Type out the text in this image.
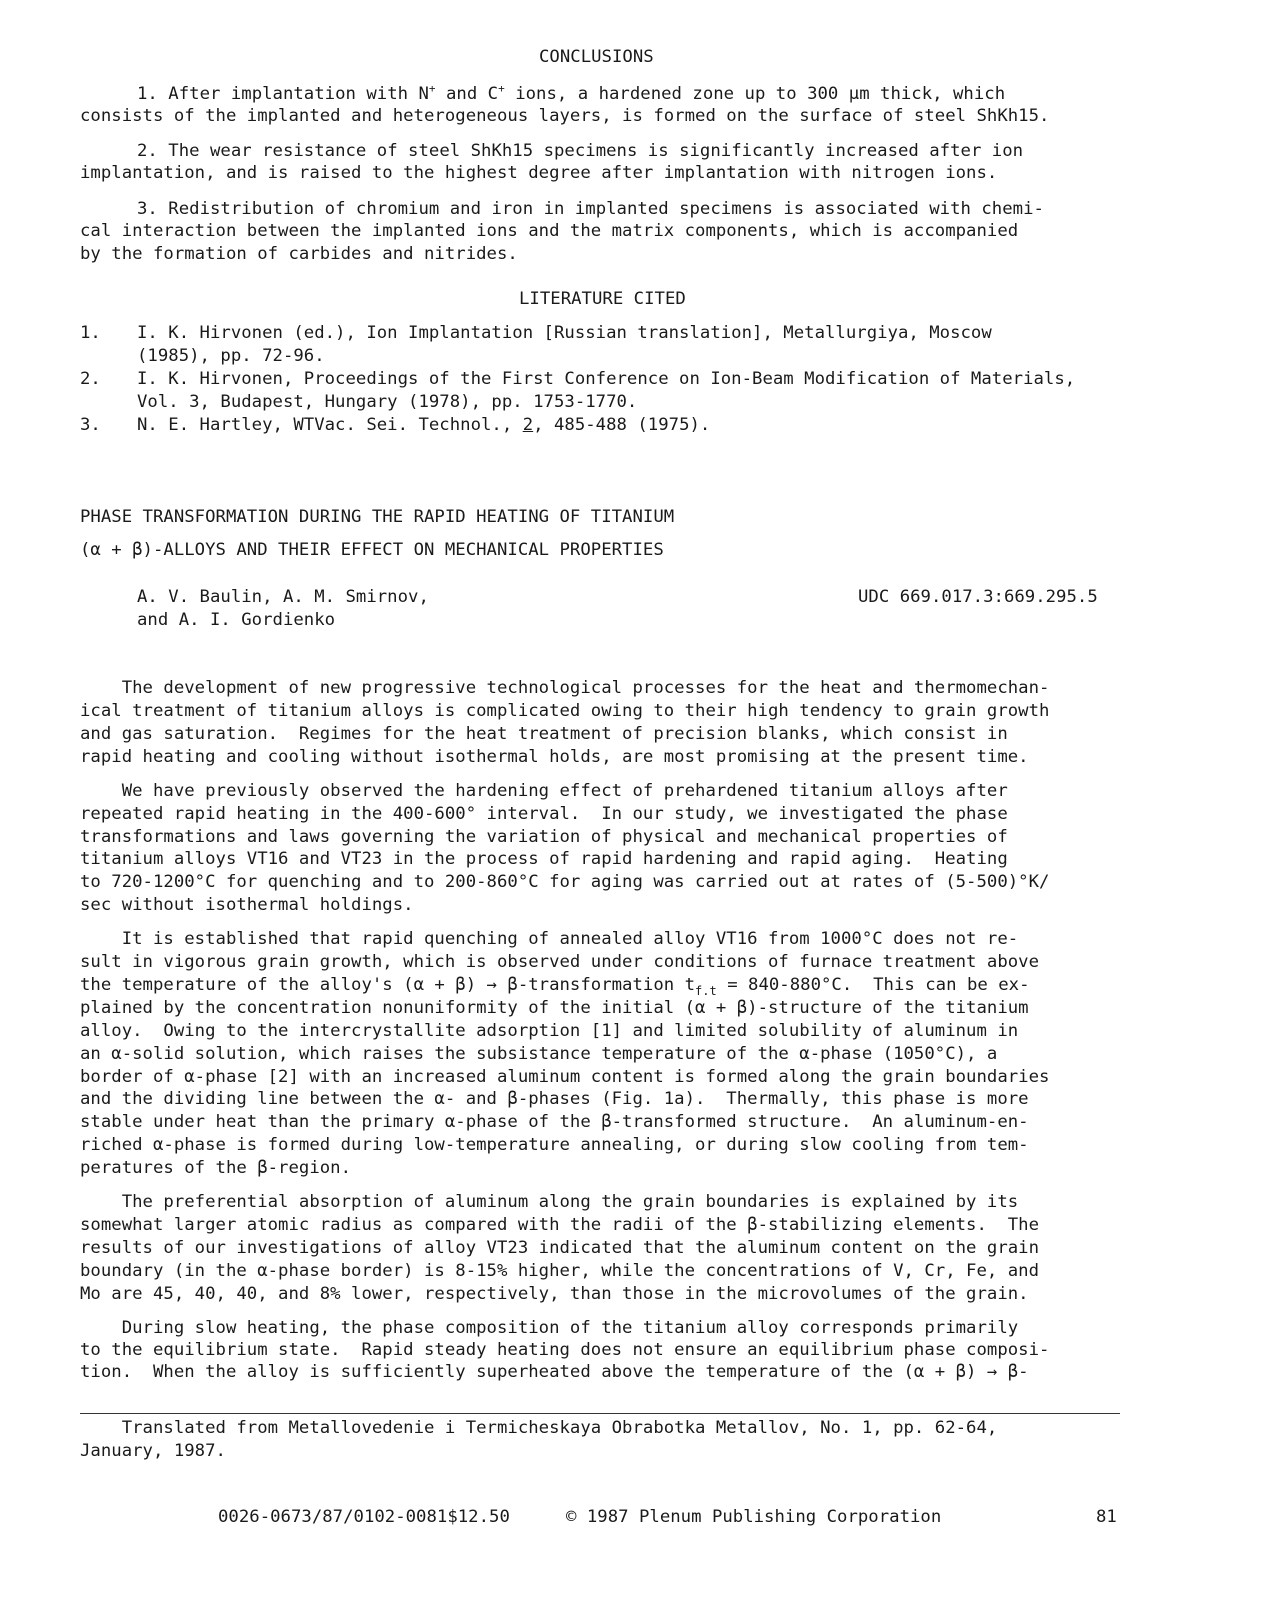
CONCLUSIONS
1. After implantation with N+ and C+ ions, a hardened zone up to 300 µm thick, which
consists of the implanted and heterogeneous layers, is formed on the surface of steel ShKh15.
2. The wear resistance of steel ShKh15 specimens is significantly increased after ion
implantation, and is raised to the highest degree after implantation with nitrogen ions.
3. Redistribution of chromium and iron in implanted specimens is associated with chemi-
cal interaction between the implanted ions and the matrix components, which is accompanied
by the formation of carbides and nitrides.
LITERATURE CITED
1. I. K. Hirvonen (ed.), Ion Implantation [Russian translation], Metallurgiya, Moscow
(1985), pp. 72-96.
2. I. K. Hirvonen, Proceedings of the First Conference on Ion-Beam Modification of Materials,
Vol. 3, Budapest, Hungary (1978), pp. 1753-1770.
3. N. E. Hartley, WTVac. Sei. Technol., 2, 485-488 (1975).
PHASE TRANSFORMATION DURING THE RAPID HEATING OF TITANIUM
(α + β)-ALLOYS AND THEIR EFFECT ON MECHANICAL PROPERTIES
A. V. Baulin, A. M. Smirnov,
and A. I. Gordienko
UDC 669.017.3:669.295.5
The development of new progressive technological processes for the heat and thermomechan-
ical treatment of titanium alloys is complicated owing to their high tendency to grain growth
and gas saturation.  Regimes for the heat treatment of precision blanks, which consist in
rapid heating and cooling without isothermal holds, are most promising at the present time.
We have previously observed the hardening effect of prehardened titanium alloys after
repeated rapid heating in the 400-600° interval.  In our study, we investigated the phase
transformations and laws governing the variation of physical and mechanical properties of
titanium alloys VT16 and VT23 in the process of rapid hardening and rapid aging.  Heating
to 720-1200°C for quenching and to 200-860°C for aging was carried out at rates of (5-500)°K/
sec without isothermal holdings.
It is established that rapid quenching of annealed alloy VT16 from 1000°C does not re-
sult in vigorous grain growth, which is observed under conditions of furnace treatment above
the temperature of the alloy's (α + β) → β-transformation $t_{f.t} = 840-880^\circ C$.  This can be ex-
plained by the concentration nonuniformity of the initial (α + β)-structure of the titanium
alloy.  Owing to the intercrystallite adsorption [1] and limited solubility of aluminum in
an α-solid solution, which raises the subsistance temperature of the α-phase (1050°C), a
border of α-phase [2] with an increased aluminum content is formed along the grain boundaries
and the dividing line between the α- and β-phases (Fig. 1a).  Thermally, this phase is more
stable under heat than the primary α-phase of the β-transformed structure.  An aluminum-en-
riched α-phase is formed during low-temperature annealing, or during slow cooling from tem-
peratures of the β-region.
The preferential absorption of aluminum along the grain boundaries is explained by its
somewhat larger atomic radius as compared with the radii of the β-stabilizing elements.  The
results of our investigations of alloy VT23 indicated that the aluminum content on the grain
boundary (in the α-phase border) is 8-15% higher, while the concentrations of V, Cr, Fe, and
Mo are 45, 40, 40, and 8% lower, respectively, than those in the microvolumes of the grain.
During slow heating, the phase composition of the titanium alloy corresponds primarily
to the equilibrium state.  Rapid steady heating does not ensure an equilibrium phase composi-
tion.  When the alloy is sufficiently superheated above the temperature of the (α + β) → β-
Translated from Metallovedenie i Termicheskaya Obrabotka Metallov, No. 1, pp. 62-64,
January, 1987.
0026-0673/87/0102-0081$12.50	© 1987 Plenum Publishing Corporation	81
